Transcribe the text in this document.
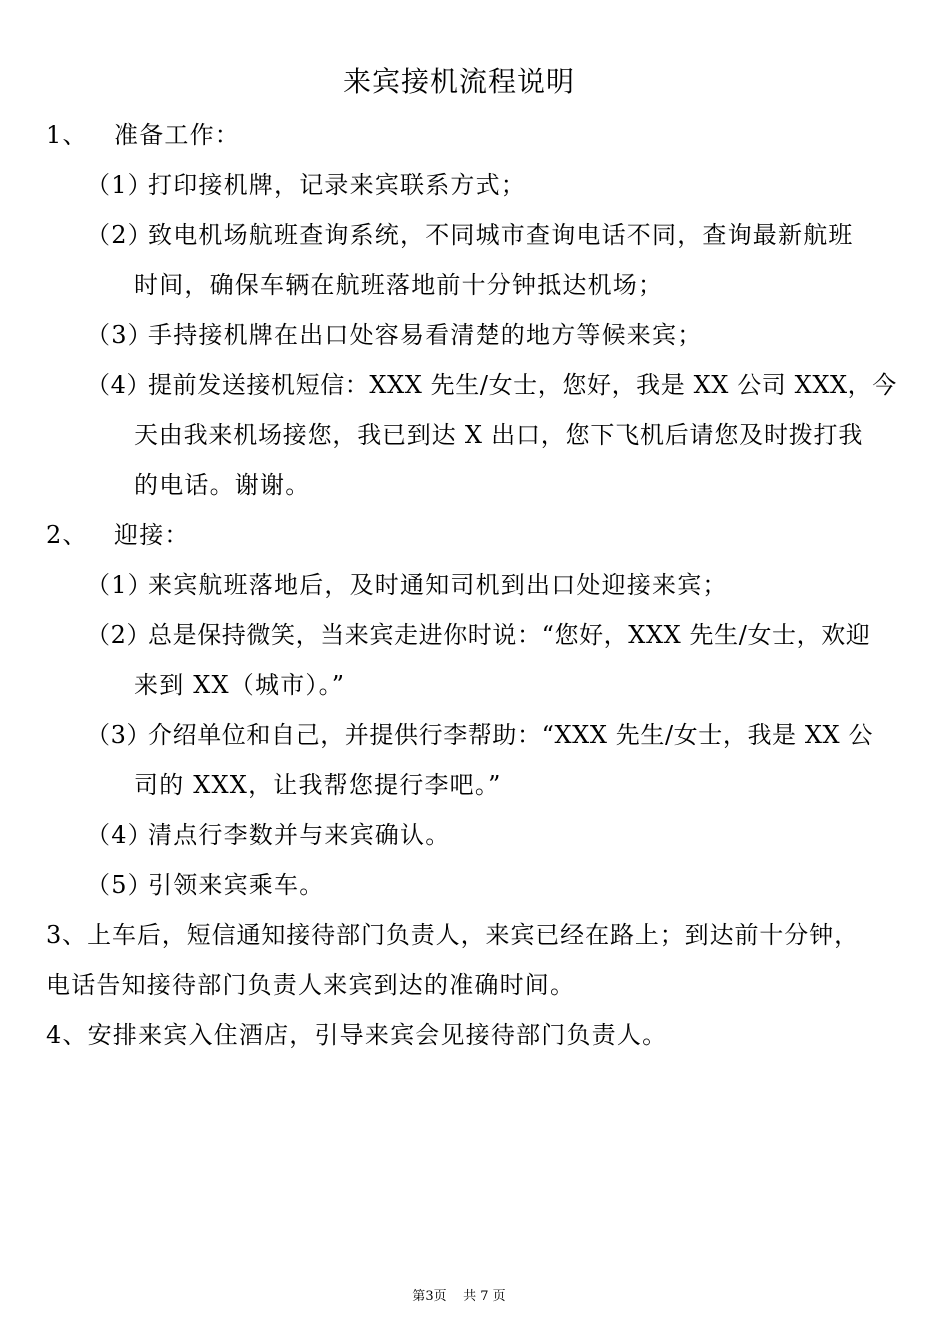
来宾接机流程说明
1、 准备工作：
（1）打印接机牌，记录来宾联系方式；
（2）致电机场航班查询系统，不同城市查询电话不同，查询最新航班
时间，确保车辆在航班落地前十分钟抵达机场；
（3）手持接机牌在出口处容易看清楚的地方等候来宾；
（4）提前发送接机短信：XXX 先生/女士，您好，我是 XX 公司 XXX，今
天由我来机场接您，我已到达 X 出口，您下飞机后请您及时拨打我
的电话。谢谢。
2、 迎接：
（1）来宾航班落地后，及时通知司机到出口处迎接来宾；
（2）总是保持微笑，当来宾走进你时说：“您好，XXX 先生/女士，欢迎
来到 XX（城市）。”
（3）介绍单位和自己，并提供行李帮助：“XXX 先生/女士，我是 XX 公
司的 XXX，让我帮您提行李吧。”
（4）清点行李数并与来宾确认。
（5）引领来宾乘车。
3、上车后，短信通知接待部门负责人，来宾已经在路上；到达前十分钟，
电话告知接待部门负责人来宾到达的准确时间。
4、安排来宾入住酒店，引导来宾会见接待部门负责人。
第3页    共 7 页
